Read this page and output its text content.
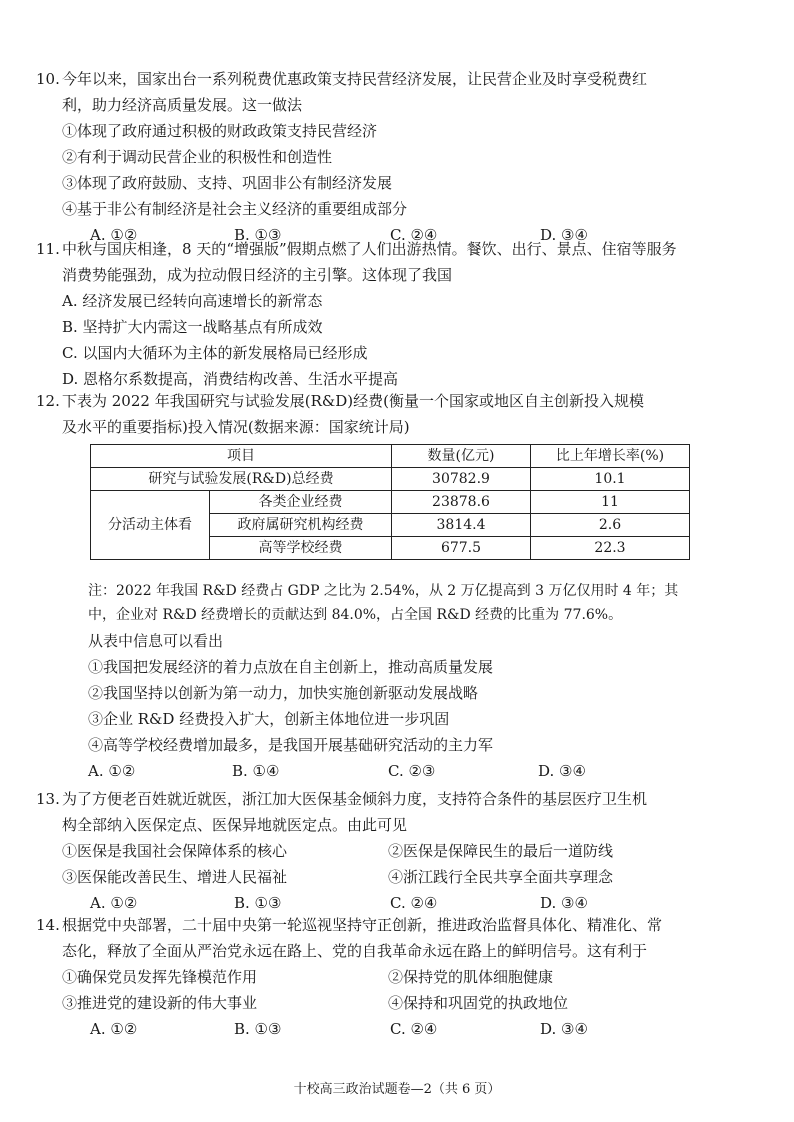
10. 今年以来，国家出台一系列税费优惠政策支持民营经济发展，让民营企业及时享受税费红
利，助力经济高质量发展。这一做法
①体现了政府通过积极的财政政策支持民营经济
②有利于调动民营企业的积极性和创造性
③体现了政府鼓励、支持、巩固非公有制经济发展
④基于非公有制经济是社会主义经济的重要组成部分
A. ①②	B. ①③	C. ②④	D. ③④
11. 中秋与国庆相逢，8 天的“增强版”假期点燃了人们出游热情。餐饮、出行、景点、住宿等服务
消费势能强劲，成为拉动假日经济的主引擎。这体现了我国
A. 经济发展已经转向高速增长的新常态
B. 坚持扩大内需这一战略基点有所成效
C. 以国内大循环为主体的新发展格局已经形成
D. 恩格尔系数提高，消费结构改善、生活水平提高
12. 下表为 2022 年我国研究与试验发展(R&D)经费(衡量一个国家或地区自主创新投入规模
及水平的重要指标)投入情况(数据来源：国家统计局)
项目		数量(亿元)	比上年增长率(%)
研究与试验发展(R&D)总经费		30782.9	10.1
分活动主体看	各类企业经费	23878.6	11
	政府属研究机构经费	3814.4	2.6
	高等学校经费	677.5	22.3
注：2022 年我国 R&D 经费占 GDP 之比为 2.54%，从 2 万亿提高到 3 万亿仅用时 4 年；其
中，企业对 R&D 经费增长的贡献达到 84.0%，占全国 R&D 经费的比重为 77.6%。
从表中信息可以看出
①我国把发展经济的着力点放在自主创新上，推动高质量发展
②我国坚持以创新为第一动力，加快实施创新驱动发展战略
③企业 R&D 经费投入扩大，创新主体地位进一步巩固
④高等学校经费增加最多，是我国开展基础研究活动的主力军
A. ①②	B. ①④	C. ②③	D. ③④
13. 为了方便老百姓就近就医，浙江加大医保基金倾斜力度，支持符合条件的基层医疗卫生机
构全部纳入医保定点、医保异地就医定点。由此可见
①医保是我国社会保障体系的核心	②医保是保障民生的最后一道防线
③医保能改善民生、增进人民福祉	④浙江践行全民共享全面共享理念
A. ①②	B. ①③	C. ②④	D. ③④
14. 根据党中央部署，二十届中央第一轮巡视坚持守正创新，推进政治监督具体化、精准化、常
态化，释放了全面从严治党永远在路上、党的自我革命永远在路上的鲜明信号。这有利于
①确保党员发挥先锋模范作用	②保持党的肌体细胞健康
③推进党的建设新的伟大事业	④保持和巩固党的执政地位
A. ①②	B. ①③	C. ②④	D. ③④
十校高三政治试题卷—2（共 6 页）
